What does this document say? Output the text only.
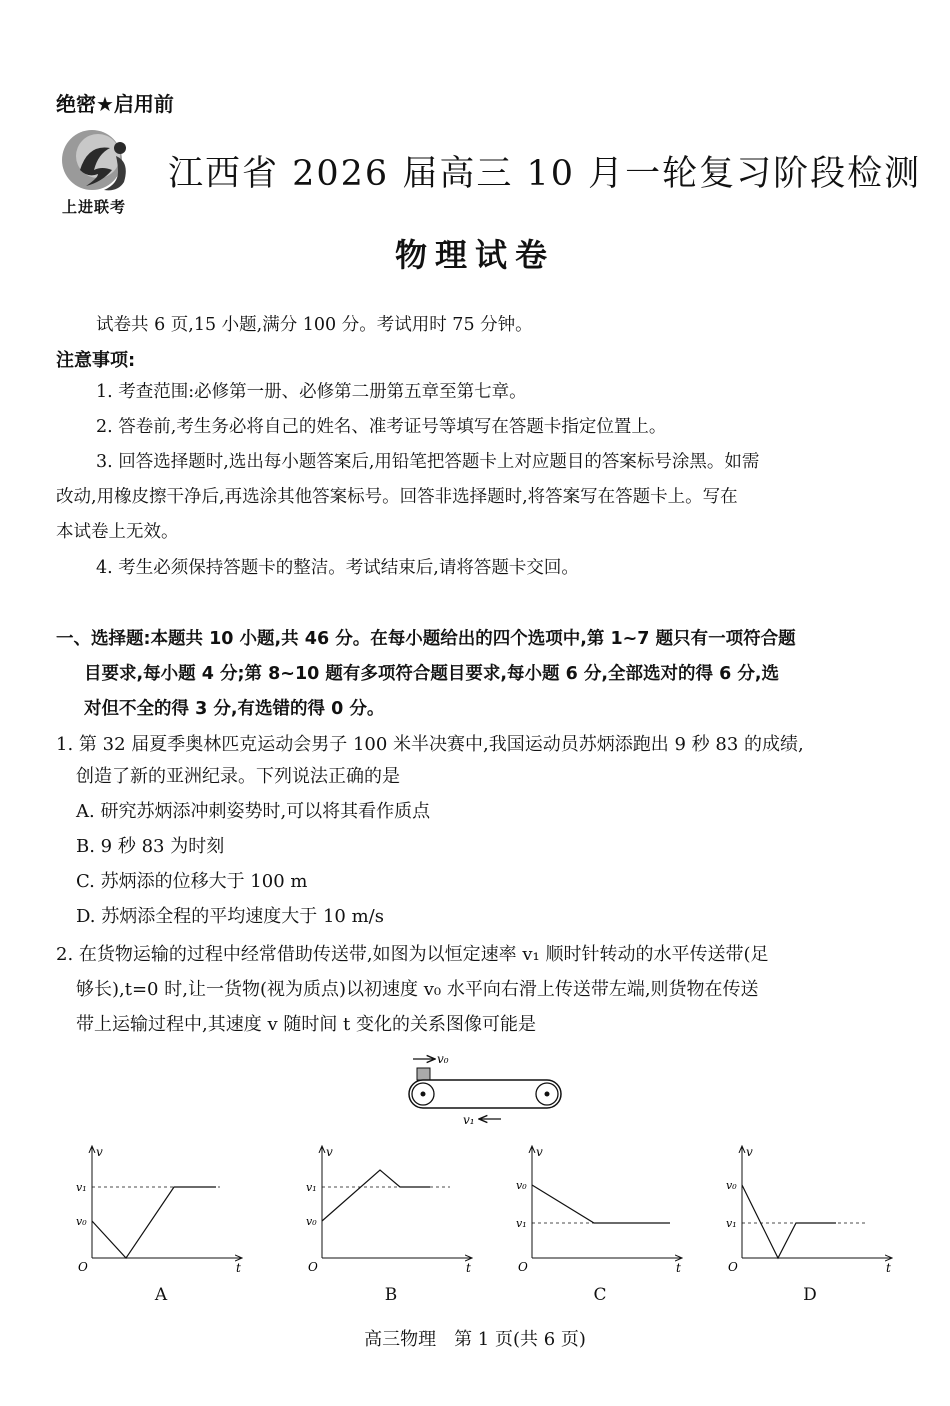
绝密★启用前
上进联考
江西省 2026 届高三 10 月一轮复习阶段检测
物理试卷
试卷共 6 页,15 小题,满分 100 分。考试用时 75 分钟。
注意事项:
1. 考查范围:必修第一册、必修第二册第五章至第七章。
2. 答卷前,考生务必将自己的姓名、准考证号等填写在答题卡指定位置上。
3. 回答选择题时,选出每小题答案后,用铅笔把答题卡上对应题目的答案标号涂黑。如需
改动,用橡皮擦干净后,再选涂其他答案标号。回答非选择题时,将答案写在答题卡上。写在
本试卷上无效。
4. 考生必须保持答题卡的整洁。考试结束后,请将答题卡交回。
一、选择题:本题共 10 小题,共 46 分。在每小题给出的四个选项中,第 1~7 题只有一项符合题
目要求,每小题 4 分;第 8~10 题有多项符合题目要求,每小题 6 分,全部选对的得 6 分,选
对但不全的得 3 分,有选错的得 0 分。
1. 第 32 届夏季奥林匹克运动会男子 100 米半决赛中,我国运动员苏炳添跑出 9 秒 83 的成绩,
创造了新的亚洲纪录。下列说法正确的是
A. 研究苏炳添冲刺姿势时,可以将其看作质点
B. 9 秒 83 为时刻
C. 苏炳添的位移大于 100 m
D. 苏炳添全程的平均速度大于 10 m/s
2. 在货物运输的过程中经常借助传送带,如图为以恒定速率 v₁ 顺时针转动的水平传送带(足
够长),t=0 时,让一货物(视为质点)以初速度 v₀ 水平向右滑上传送带左端,则货物在传送
带上运输过程中,其速度 v 随时间 t 变化的关系图像可能是
v₀
v₁
v
t
O
v₁
v₀
A
v
t
O
v₁
v₀
B
v
t
O
v₀
v₁
C
v
t
O
v₀
v₁
D
高三物理　第 1 页(共 6 页)
